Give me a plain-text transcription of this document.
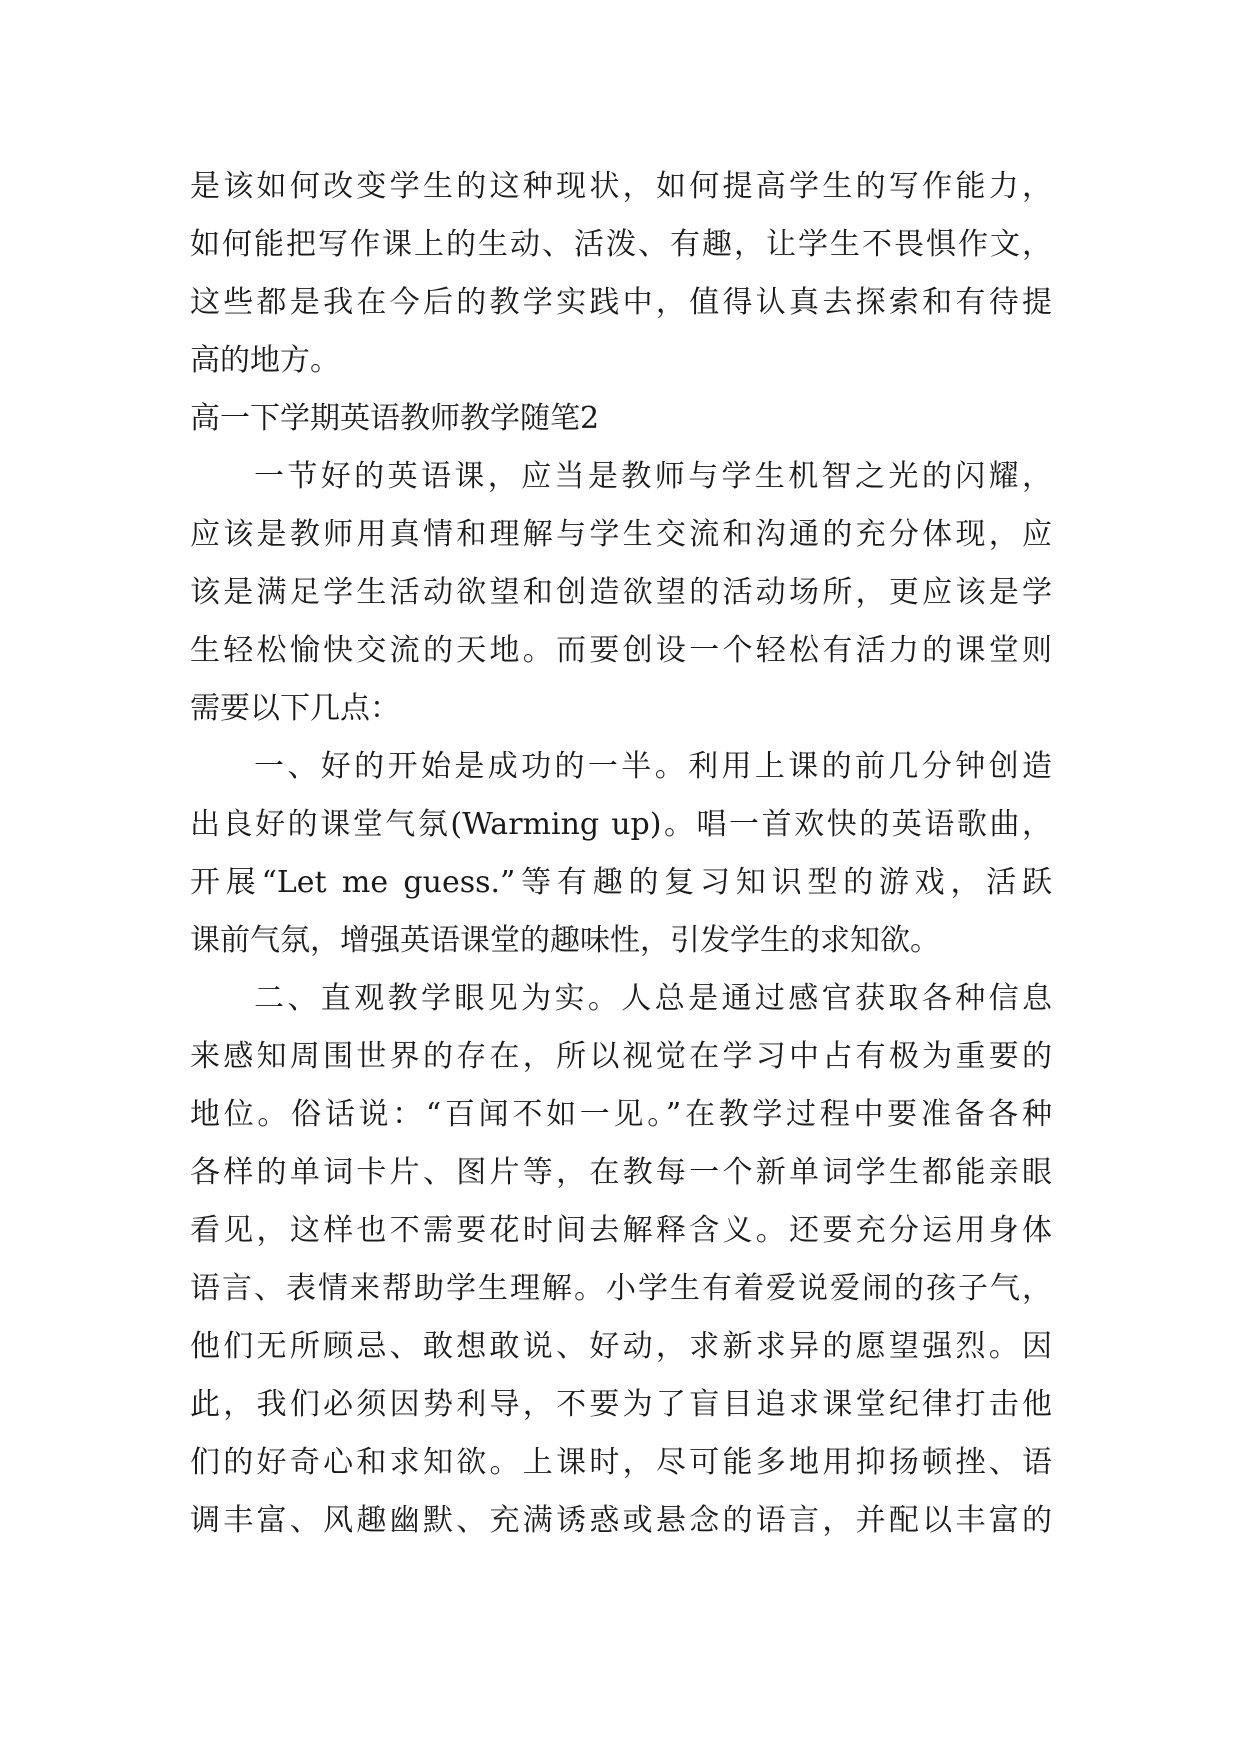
是该如何改变学生的这种现状，如何提高学生的写作能力，
如何能把写作课上的生动、活泼、有趣，让学生不畏惧作文，
这些都是我在今后的教学实践中，值得认真去探索和有待提
高的地方。
高一下学期英语教师教学随笔2
一节好的英语课，应当是教师与学生机智之光的闪耀，
应该是教师用真情和理解与学生交流和沟通的充分体现，应
该是满足学生活动欲望和创造欲望的活动场所，更应该是学
生轻松愉快交流的天地。而要创设一个轻松有活力的课堂则
需要以下几点：
一、好的开始是成功的一半。利用上课的前几分钟创造
出良好的课堂气氛(Warming up)。唱一首欢快的英语歌曲，
开展“Let me guess.”等有趣的复习知识型的游戏，活跃
课前气氛，增强英语课堂的趣味性，引发学生的求知欲。
二、直观教学眼见为实。人总是通过感官获取各种信息
来感知周围世界的存在，所以视觉在学习中占有极为重要的
地位。俗话说：“百闻不如一见。”在教学过程中要准备各种
各样的单词卡片、图片等，在教每一个新单词学生都能亲眼
看见，这样也不需要花时间去解释含义。还要充分运用身体
语言、表情来帮助学生理解。小学生有着爱说爱闹的孩子气，
他们无所顾忌、敢想敢说、好动，求新求异的愿望强烈。因
此，我们必须因势利导，不要为了盲目追求课堂纪律打击他
们的好奇心和求知欲。上课时，尽可能多地用抑扬顿挫、语
调丰富、风趣幽默、充满诱惑或悬念的语言，并配以丰富的
